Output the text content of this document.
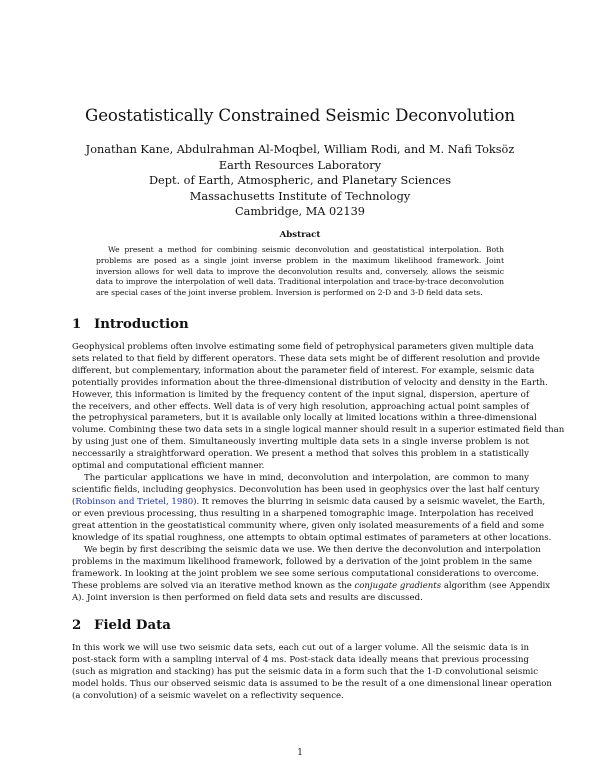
Geostatistically Constrained Seismic Deconvolution
Jonathan Kane, Abdulrahman Al-Moqbel, William Rodi, and M. Nafi Toksöz
Earth Resources Laboratory
Dept. of Earth, Atmospheric, and Planetary Sciences
Massachusetts Institute of Technology
Cambridge, MA 02139
Abstract
We present a method for combining seismic deconvolution and geostatistical interpolation. Both
problems are posed as a single joint inverse problem in the maximum likelihood framework. Joint
inversion allows for well data to improve the deconvolution results and, conversely, allows the seismic
data to improve the interpolation of well data. Traditional interpolation and trace-by-trace deconvolution
are special cases of the joint inverse problem. Inversion is performed on 2-D and 3-D field data sets.
1 Introduction
Geophysical problems often involve estimating some field of petrophysical parameters given multiple data
sets related to that field by different operators. These data sets might be of different resolution and provide
different, but complementary, information about the parameter field of interest. For example, seismic data
potentially provides information about the three-dimensional distribution of velocity and density in the Earth.
However, this information is limited by the frequency content of the input signal, dispersion, aperture of
the receivers, and other effects. Well data is of very high resolution, approaching actual point samples of
the petrophysical parameters, but it is available only locally at limited locations within a three-dimensional
volume. Combining these two data sets in a single logical manner should result in a superior estimated field than
by using just one of them. Simultaneously inverting multiple data sets in a single inverse problem is not
neccessarily a straightforward operation. We present a method that solves this problem in a statistically
optimal and computational efficient manner.
The particular applications we have in mind, deconvolution and interpolation, are common to many
scientific fields, including geophysics. Deconvolution has been used in geophysics over the last half century
(Robinson and Trietel, 1980). It removes the blurring in seismic data caused by a seismic wavelet, the Earth,
or even previous processing, thus resulting in a sharpened tomographic image. Interpolation has received
great attention in the geostatistical community where, given only isolated measurements of a field and some
knowledge of its spatial roughness, one attempts to obtain optimal estimates of parameters at other locations.
We begin by first describing the seismic data we use. We then derive the deconvolution and interpolation
problems in the maximum likelihood framework, followed by a derivation of the joint problem in the same
framework. In looking at the joint problem we see some serious computational considerations to overcome.
These problems are solved via an iterative method known as the conjugate gradients algorithm (see Appendix
A). Joint inversion is then performed on field data sets and results are discussed.
2 Field Data
In this work we will use two seismic data sets, each cut out of a larger volume. All the seismic data is in
post-stack form with a sampling interval of 4 ms. Post-stack data ideally means that previous processing
(such as migration and stacking) has put the seismic data in a form such that the 1-D convolutional seismic
model holds. Thus our observed seismic data is assumed to be the result of a one dimensional linear operation
(a convolution) of a seismic wavelet on a reflectivity sequence.
1
